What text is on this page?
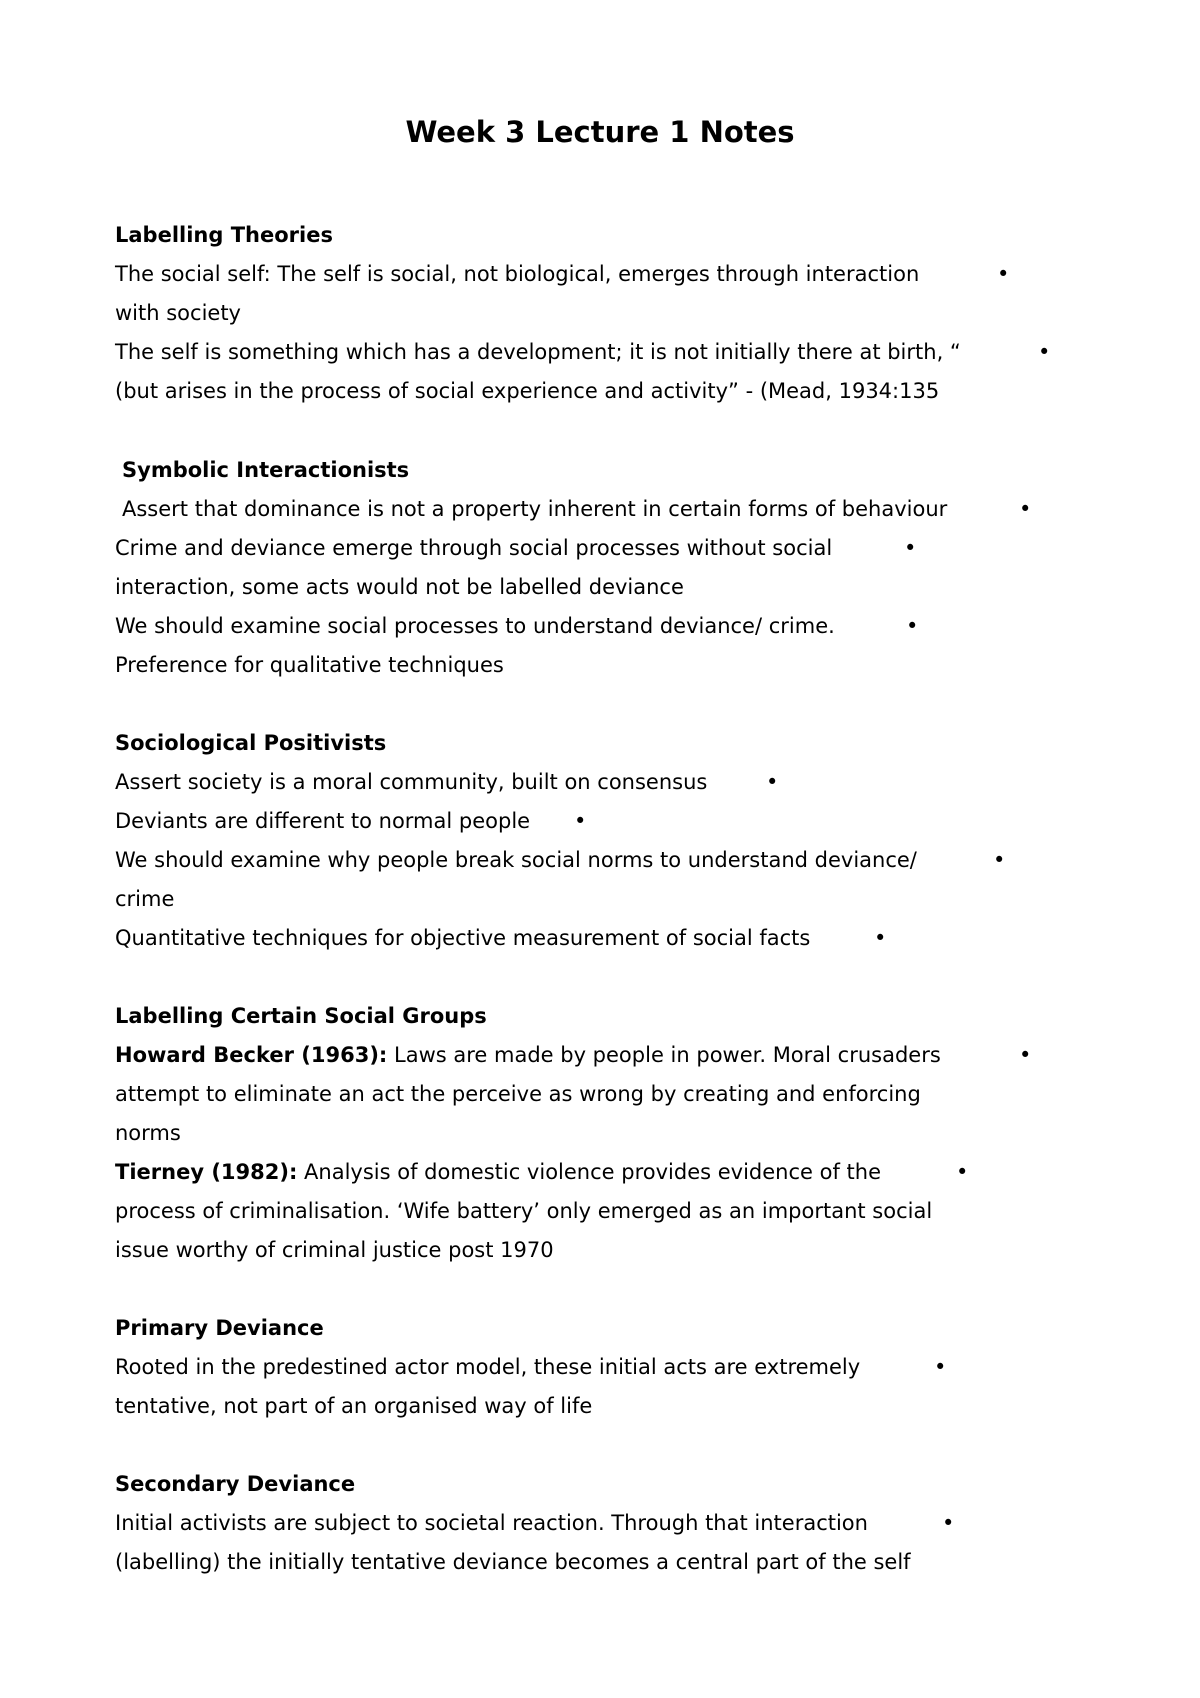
Week 3 Lecture 1 Notes
Labelling Theories
The social self: The self is social, not biological, emerges through interaction	•
with society
The self is something which has a development; it is not initially there at birth, “	•
(but arises in the process of social experience and activity” - (Mead, 1934:135
Symbolic Interactionists
Assert that dominance is not a property inherent in certain forms of behaviour	•
Crime and deviance emerge through social processes without social	•
interaction, some acts would not be labelled deviance
We should examine social processes to understand deviance/ crime.	•
Preference for qualitative techniques
Sociological Positivists
Assert society is a moral community, built on consensus	•
Deviants are different to normal people •
We should examine why people break social norms to understand deviance/	•
crime
Quantitative techniques for objective measurement of social facts	•
Labelling Certain Social Groups
Howard Becker (1963): Laws are made by people in power. Moral crusaders	•
attempt to eliminate an act the perceive as wrong by creating and enforcing
norms
Tierney (1982): Analysis of domestic violence provides evidence of the	•
process of criminalisation. ‘Wife battery’ only emerged as an important social
issue worthy of criminal justice post 1970
Primary Deviance
Rooted in the predestined actor model, these initial acts are extremely	•
tentative, not part of an organised way of life
Secondary Deviance
Initial activists are subject to societal reaction. Through that interaction	•
(labelling) the initially tentative deviance becomes a central part of the self
